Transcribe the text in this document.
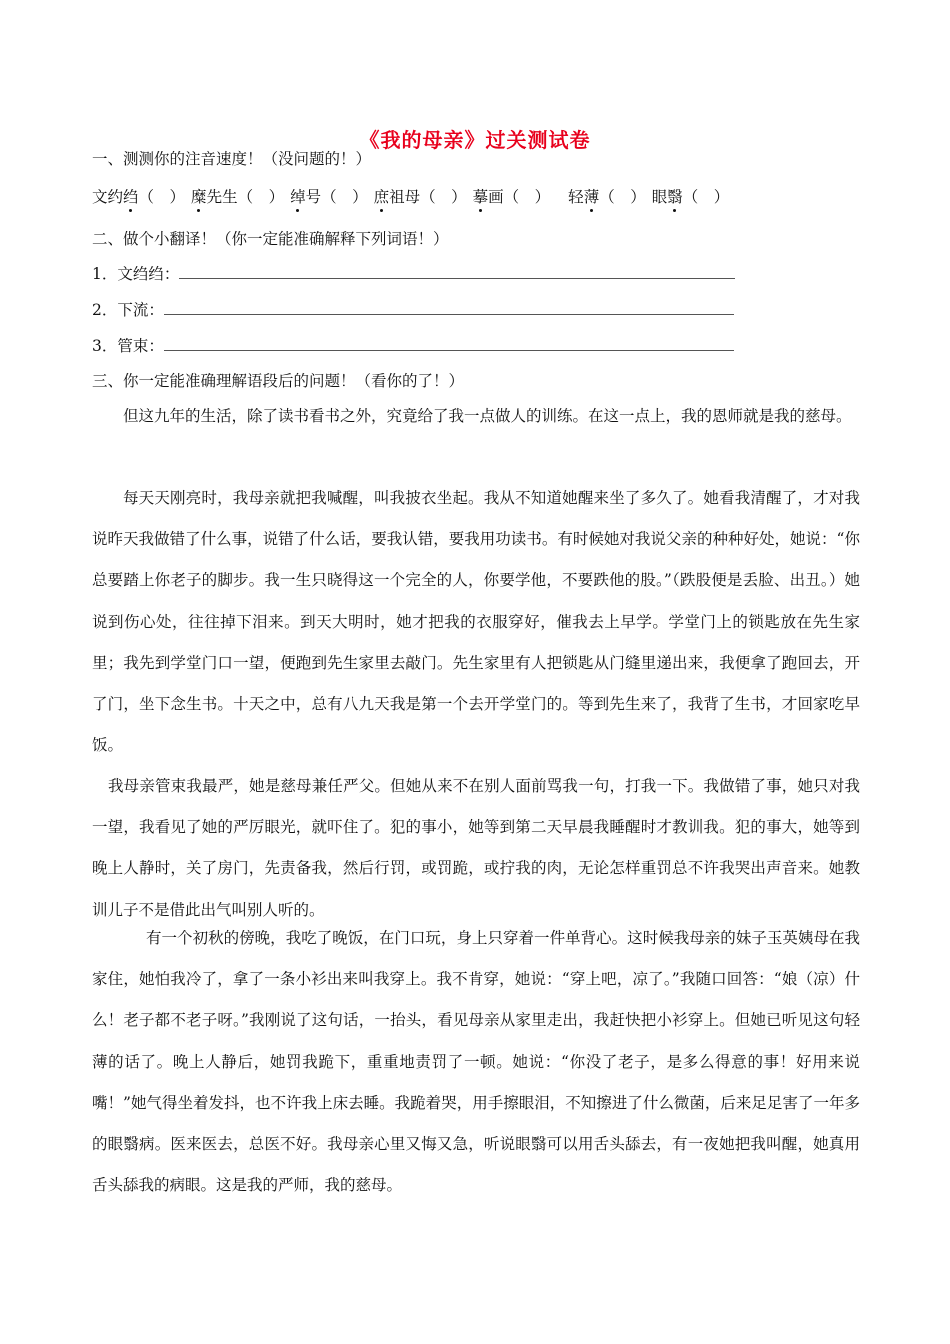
《我的母亲》过关测试卷
一、测测你的注音速度！（没问题的！）
文约 绉 （　） 糜 先生（　） 绰 号（　） 庶 祖母（　） 摹 画（　） 轻 薄 （　） 眼 翳 （　）
二、做个小翻译！（你一定能准确解释下列词语！）
1．文绉绉：
2．下流：
3．管束：
三、你一定能准确理解语段后的问题！（看你的了！）

但这九年的生活，除了读书看书之外，究竟给了我一点做人的训练。在这一点上，我的恩师就是我的慈母。

每天天刚亮时，我母亲就把我喊醒，叫我披衣坐起。我从不知道她醒来坐了多久了。她看我清醒了，才对我说昨天我做错了什么事，说错了什么话，要我认错，要我用功读书。有时候她对我说父亲的种种好处，她说：“你总要踏上你老子的脚步。我一生只晓得这一个完全的人，你要学他，不要跌他的股。”（跌股便是丢脸、出丑。）她说到伤心处，往往掉下泪来。到天大明时，她才把我的衣服穿好，催我去上早学。学堂门上的锁匙放在先生家里；我先到学堂门口一望，便跑到先生家里去敲门。先生家里有人把锁匙从门缝里递出来，我便拿了跑回去，开了门，坐下念生书。十天之中，总有八九天我是第一个去开学堂门的。等到先生来了，我背了生书，才回家吃早饭。

我母亲管束我最严，她是慈母兼任严父。但她从来不在别人面前骂我一句，打我一下。我做错了事，她只对我一望，我看见了她的严厉眼光，就吓住了。犯的事小，她等到第二天早晨我睡醒时才教训我。犯的事大，她等到晚上人静时，关了房门，先责备我，然后行罚，或罚跪，或拧我的肉，无论怎样重罚总不许我哭出声音来。她教训儿子不是借此出气叫别人听的。

有一个初秋的傍晚，我吃了晚饭，在门口玩，身上只穿着一件单背心。这时候我母亲的妹子玉英姨母在我家住，她怕我冷了，拿了一条小衫出来叫我穿上。我不肯穿，她说：“穿上吧，凉了。”我随口回答：“娘（凉）什么！老子都不老子呀。”我刚说了这句话，一抬头，看见母亲从家里走出，我赶快把小衫穿上。但她已听见这句轻薄的话了。晚上人静后，她罚我跪下，重重地责罚了一顿。她说：“你没了老子，是多么得意的事！好用来说嘴！”她气得坐着发抖，也不许我上床去睡。我跪着哭，用手擦眼泪，不知擦进了什么微菌，后来足足害了一年多的眼翳病。医来医去，总医不好。我母亲心里又悔又急，听说眼翳可以用舌头舔去，有一夜她把我叫醒，她真用舌头舔我的病眼。这是我的严师，我的慈母。
